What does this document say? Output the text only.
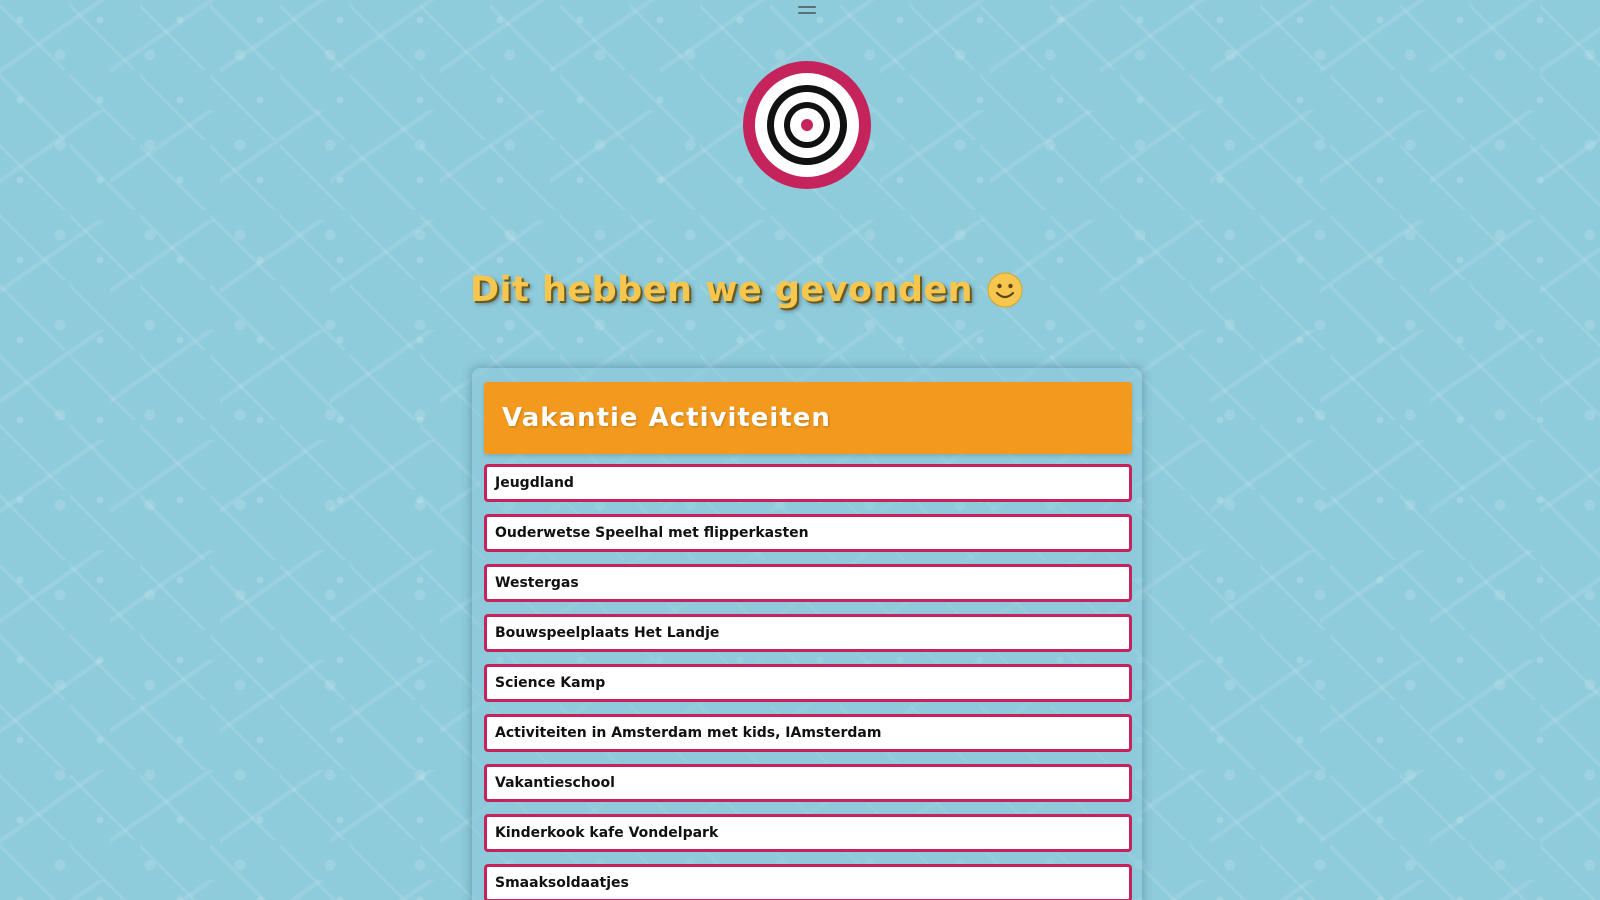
Dit hebben we gevonden
Vakantie Activiteiten
Jeugdland
Ouderwetse Speelhal met flipperkasten
Westergas
Bouwspeelplaats Het Landje
Science Kamp
Activiteiten in Amsterdam met kids, IAmsterdam
Vakantieschool
Kinderkook kafe Vondelpark
Smaaksoldaatjes
